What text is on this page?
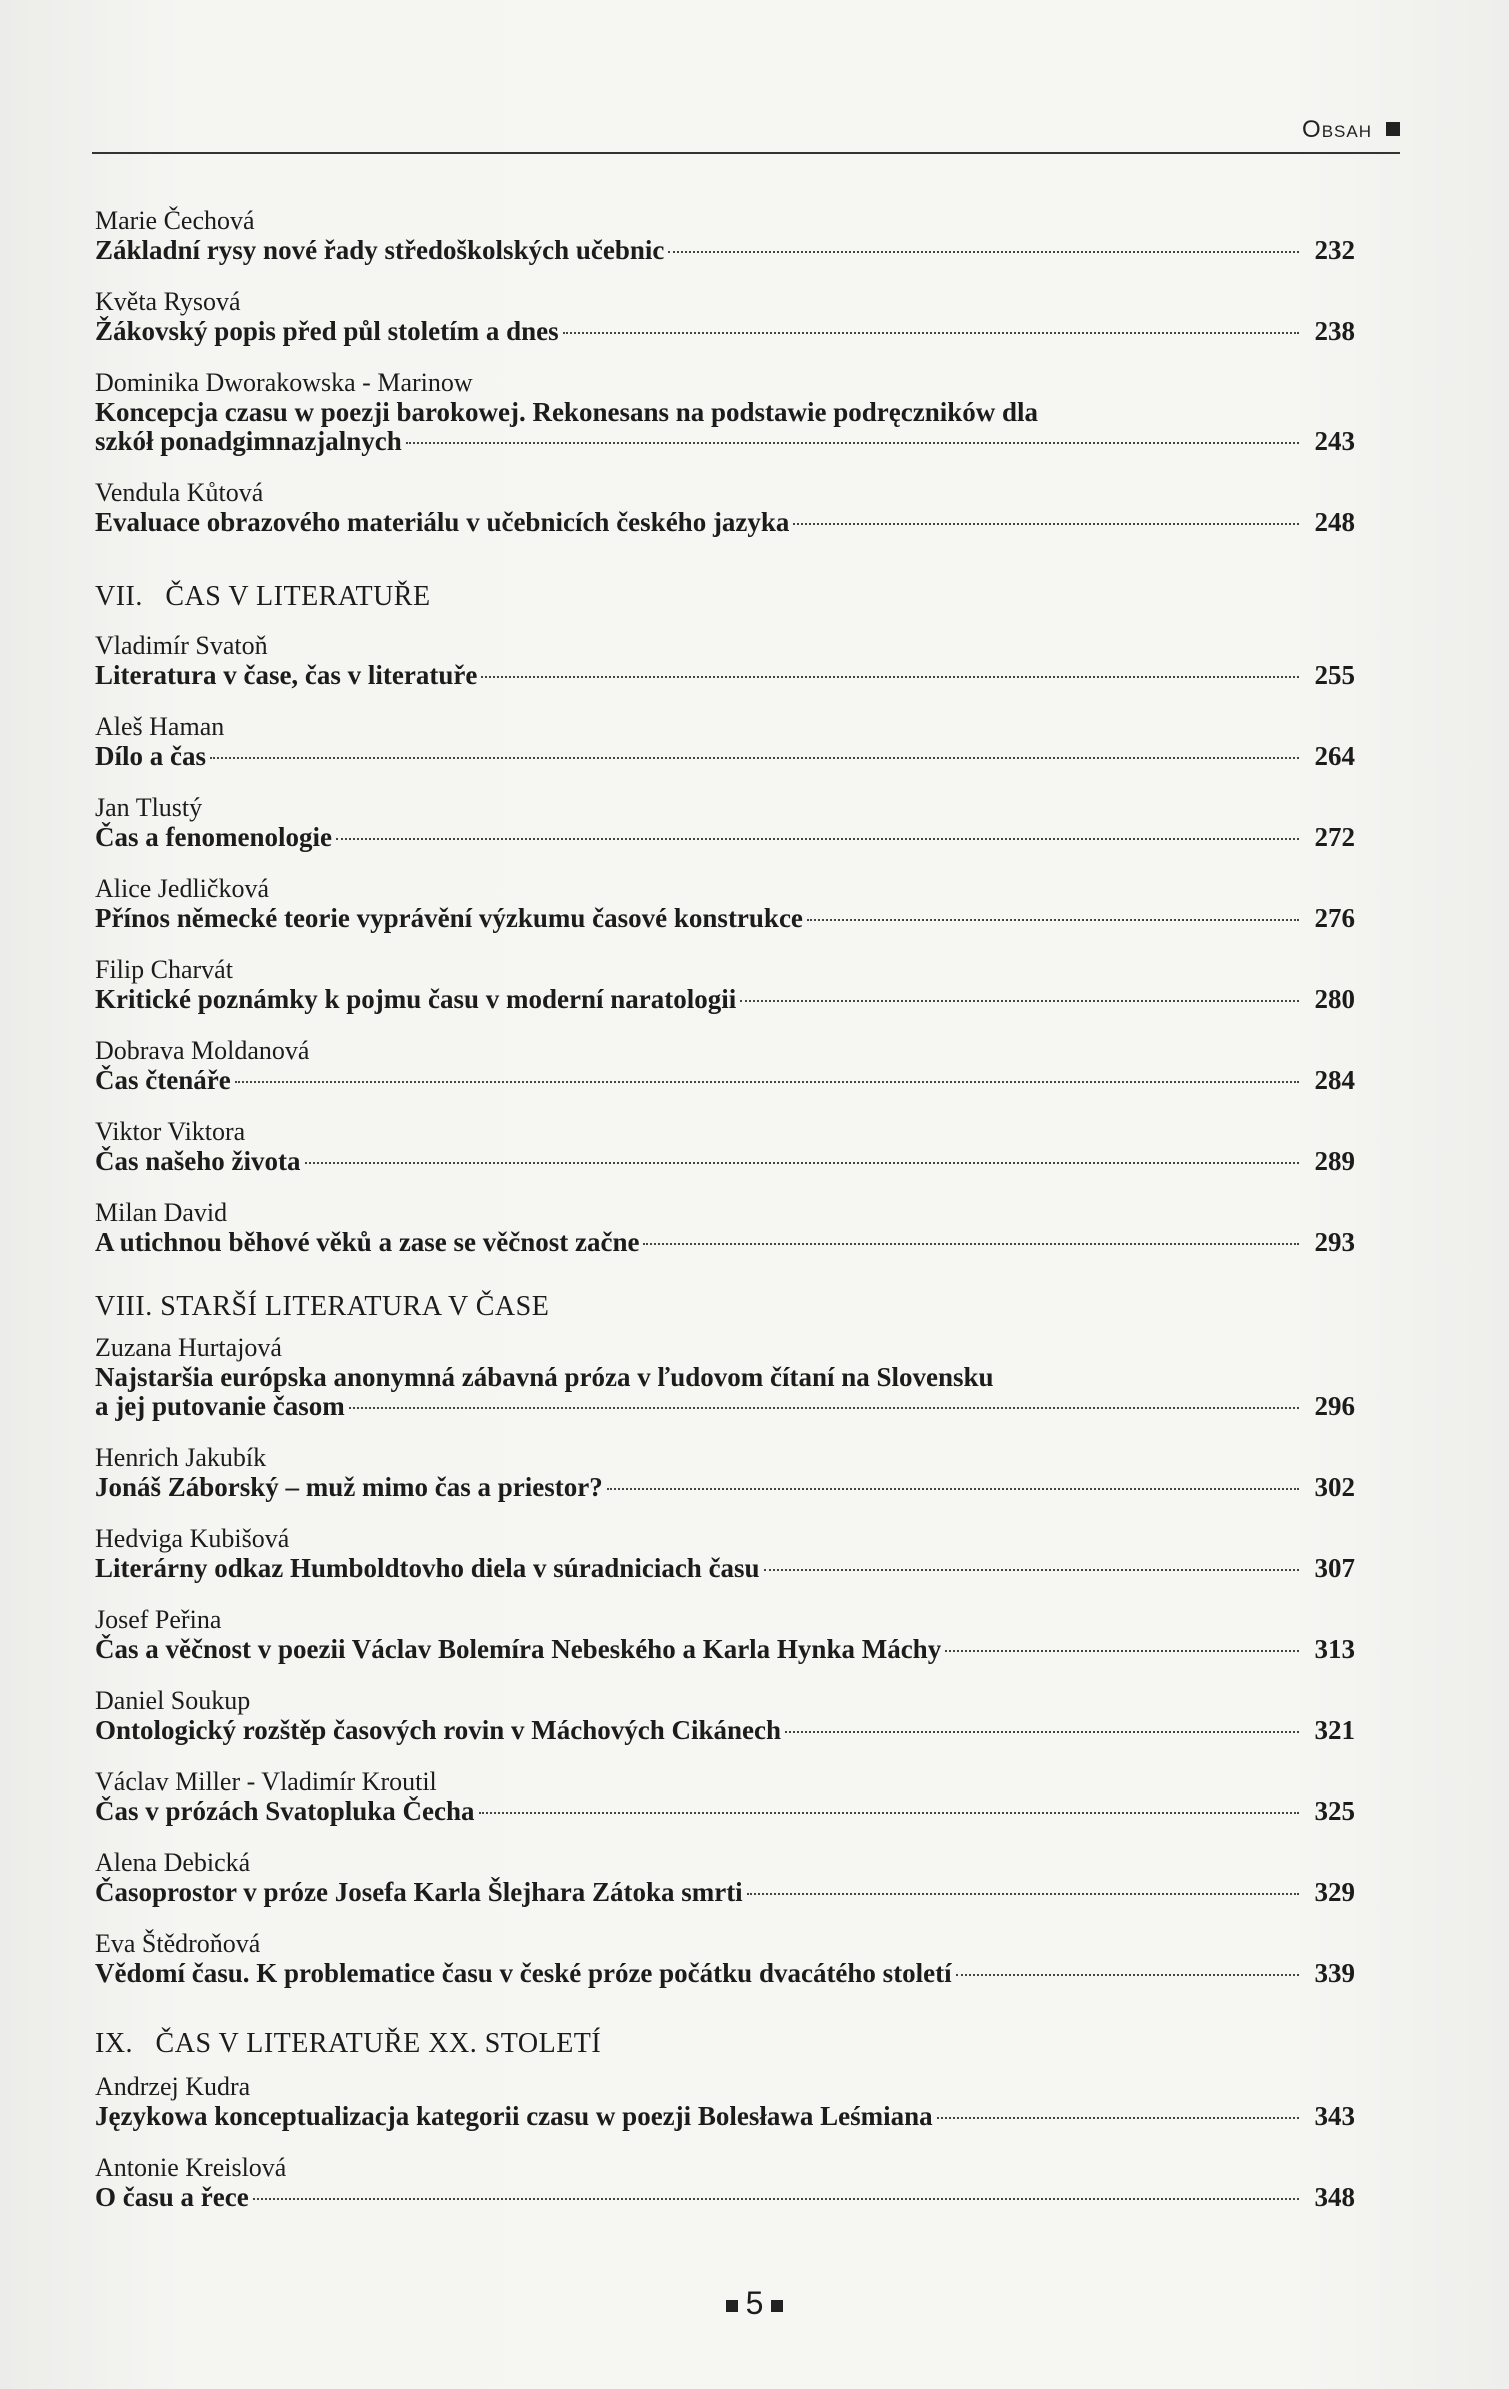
Obsah
Marie Čechová
Základní rysy nové řady středoškolských učebnic	232
Květa Rysová
Žákovský popis před půl stoletím a dnes	238
Dominika Dworakowska - Marinow
Koncepcja czasu w poezji barokowej. Rekonesans na podstawie podręczników dla
szkół ponadgimnazjalnych	243
Vendula Kůtová
Evaluace obrazového materiálu v učebnicích českého jazyka	248
VII.   ČAS V LITERATUŘE
Vladimír Svatoň
Literatura v čase, čas v literatuře	255
Aleš Haman
Dílo a čas	264
Jan Tlustý
Čas a fenomenologie	272
Alice Jedličková
Přínos německé teorie vyprávění výzkumu časové konstrukce	276
Filip Charvát
Kritické poznámky k pojmu času v moderní naratologii	280
Dobrava Moldanová
Čas čtenáře	284
Viktor Viktora
Čas našeho života	289
Milan David
A utichnou běhové věků a zase se věčnost začne	293
VIII. STARŠÍ LITERATURA V ČASE
Zuzana Hurtajová
Najstaršia európska anonymná zábavná próza v ľudovom čítaní na Slovensku
a jej putovanie časom	296
Henrich Jakubík
Jonáš Záborský – muž mimo čas a priestor?	302
Hedviga Kubišová
Literárny odkaz Humboldtovho diela v súradniciach času	307
Josef Peřina
Čas a věčnost v poezii Václav Bolemíra Nebeského a Karla Hynka Máchy	313
Daniel Soukup
Ontologický rozštěp časových rovin v Máchových Cikánech	321
Václav Miller - Vladimír Kroutil
Čas v prózách Svatopluka Čecha	325
Alena Debická
Časoprostor v próze Josefa Karla Šlejhara Zátoka smrti	329
Eva Štědroňová
Vědomí času. K problematice času v české próze počátku dvacátého století	339
IX.   ČAS V LITERATUŘE XX. STOLETÍ
Andrzej Kudra
Językowa konceptualizacja kategorii czasu w poezji Bolesława Leśmiana	343
Antonie Kreislová
O času a řece	348
5
